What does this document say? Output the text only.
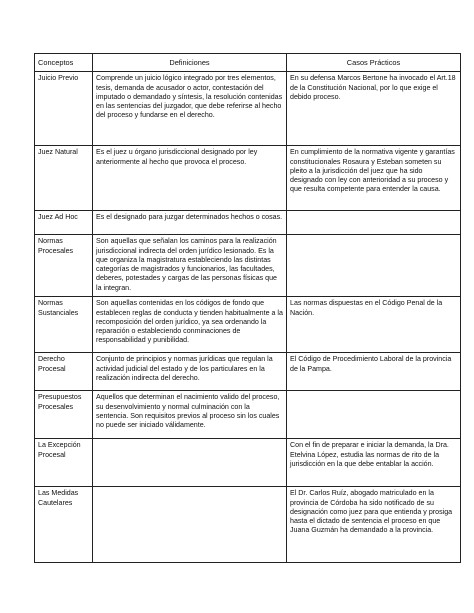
Conceptos	Definiciones	Casos Prácticos
Juicio Previo	Comprende un juicio lógico integrado por tres elementos, tesis, demanda de acusador o actor, contestación del imputado o demandado y síntesis, la resolución contenidas en las sentencias del juzgador, que debe referirse al hecho del proceso y fundarse en el derecho.	En su defensa Marcos Bertone ha invocado el Art.18 de la Constitución Nacional, por lo que exige el debido proceso.
Juez Natural	Es el juez u órgano jurisdiccional designado por ley anteriormente al hecho que provoca el proceso.	En cumplimiento de la normativa vigente y garantías constitucionales Rosaura y Esteban someten su pleito a la jurisdicción del juez que ha sido designado con ley con anterioridad a su proceso y que resulta competente para entender la causa.
Juez Ad Hoc	Es el designado para juzgar determinados hechos o cosas.	
Normas Procesales	Son aquellas que señalan los caminos para la realización jurisdiccional indirecta del orden jurídico lesionado. Es la que organiza la magistratura estableciendo las distintas categorías de magistrados y funcionarios, las facultades, deberes, potestades y cargas de las personas físicas que la integran.	
Normas Sustanciales	Son aquellas contenidas en los códigos de fondo que establecen reglas de conducta y tienden habitualmente a la recomposición del orden jurídico, ya sea ordenando la reparación o estableciendo conminaciones de responsabilidad y punibilidad.	Las normas dispuestas en el Código Penal de la Nación.
Derecho Procesal	Conjunto de principios y normas jurídicas que regulan la actividad judicial del estado y de los particulares en la realización indirecta del derecho.	El Código de Procedimiento Laboral de la provincia de la Pampa.
Presupuestos Procesales	Aquellos que determinan el nacimiento valido del proceso, su desenvolvimiento y normal culminación con la sentencia. Son requisitos previos al proceso sin los cuales no puede ser iniciado válidamente.	
La Excepción Procesal		Con el fin de preparar e iniciar la demanda, la Dra. Etelvina López, estudia las normas de rito de la jurisdicción en la que debe entablar la acción.
Las Medidas Cautelares		El Dr. Carlos Ruíz, abogado matriculado en la provincia de Córdoba ha sido notificado de su designación como juez para que entienda y prosiga hasta el dictado de sentencia el proceso en que Juana Guzmán ha demandado a la provincia.
